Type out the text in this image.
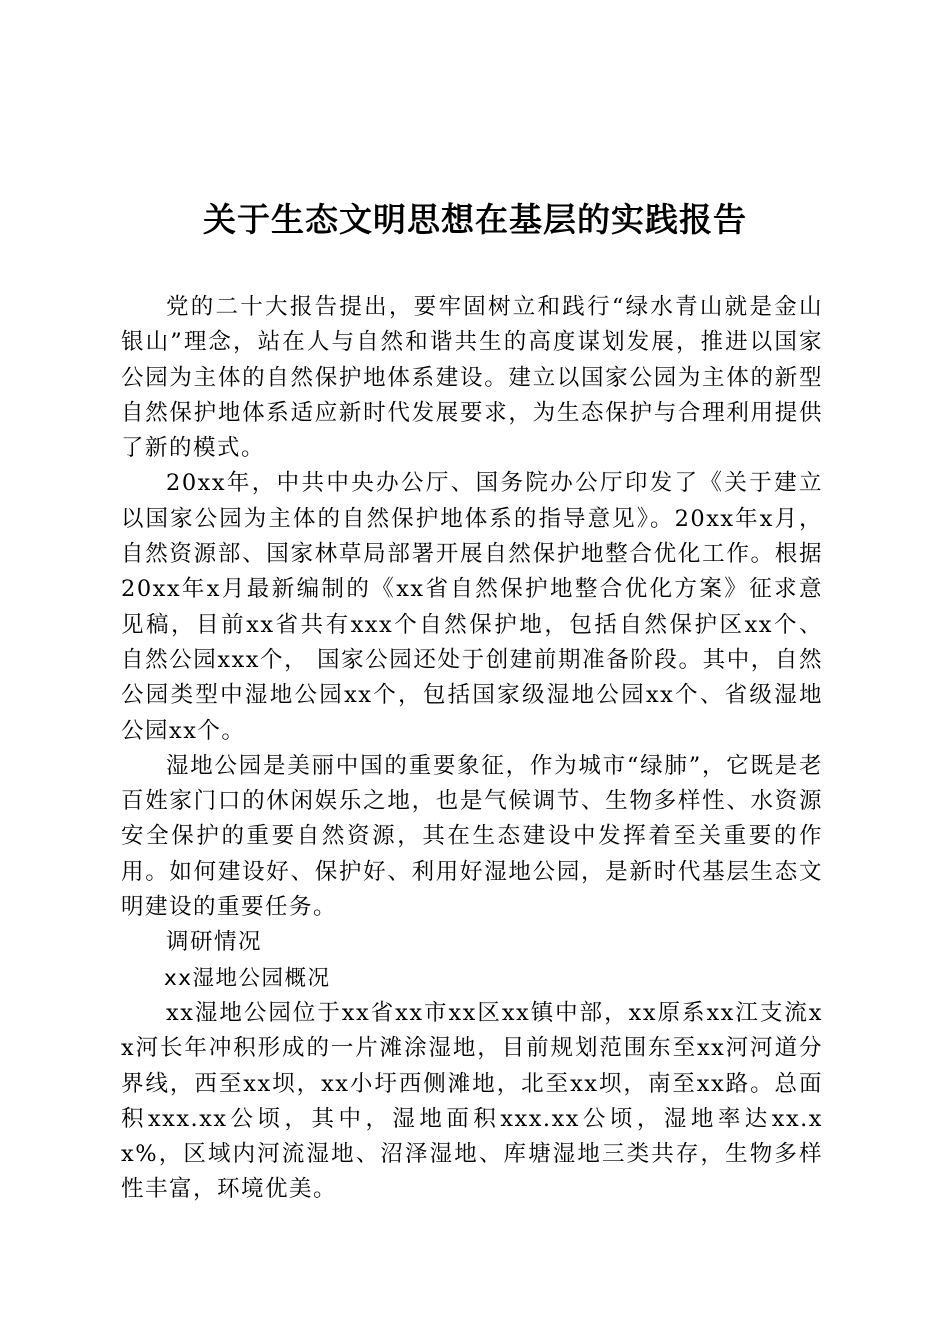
关于生态文明思想在基层的实践报告

党的二十大报告提出，要牢固树立和践行“绿水青山就是金山银山”理念，站在人与自然和谐共生的高度谋划发展，推进以国家公园为主体的自然保护地体系建设。建立以国家公园为主体的新型自然保护地体系适应新时代发展要求，为生态保护与合理利用提供了新的模式。

20xx年，中共中央办公厅、国务院办公厅印发了《关于建立以国家公园为主体的自然保护地体系的指导意见》。20xx年x月，自然资源部、国家林草局部署开展自然保护地整合优化工作。根据20xx年x月最新编制的《xx省自然保护地整合优化方案》征求意见稿，目前xx省共有xxx个自然保护地，包括自然保护区xx个、 自然公园xxx个， 国家公园还处于创建前期准备阶段。其中，自然公园类型中湿地公园xx个，包括国家级湿地公园xx个、省级湿地公园xx个。

湿地公园是美丽中国的重要象征，作为城市“绿肺”，它既是老百姓家门口的休闲娱乐之地，也是气候调节、生物多样性、水资源安全保护的重要自然资源，其在生态建设中发挥着至关重要的作用。如何建设好、保护好、利用好湿地公园，是新时代基层生态文明建设的重要任务。

调研情况

xx湿地公园概况

xx湿地公园位于xx省xx市xx区xx镇中部，xx原系xx江支流xx河长年冲积形成的一片滩涂湿地，目前规划范围东至xx河河道分界线，西至xx坝，xx小圩西侧滩地，北至xx坝，南至xx路。总面积xxx.xx公顷，其中，湿地面积xxx.xx公顷，湿地率达xx.xx%，区域内河流湿地、沼泽湿地、库塘湿地三类共存，生物多样性丰富，环境优美。
